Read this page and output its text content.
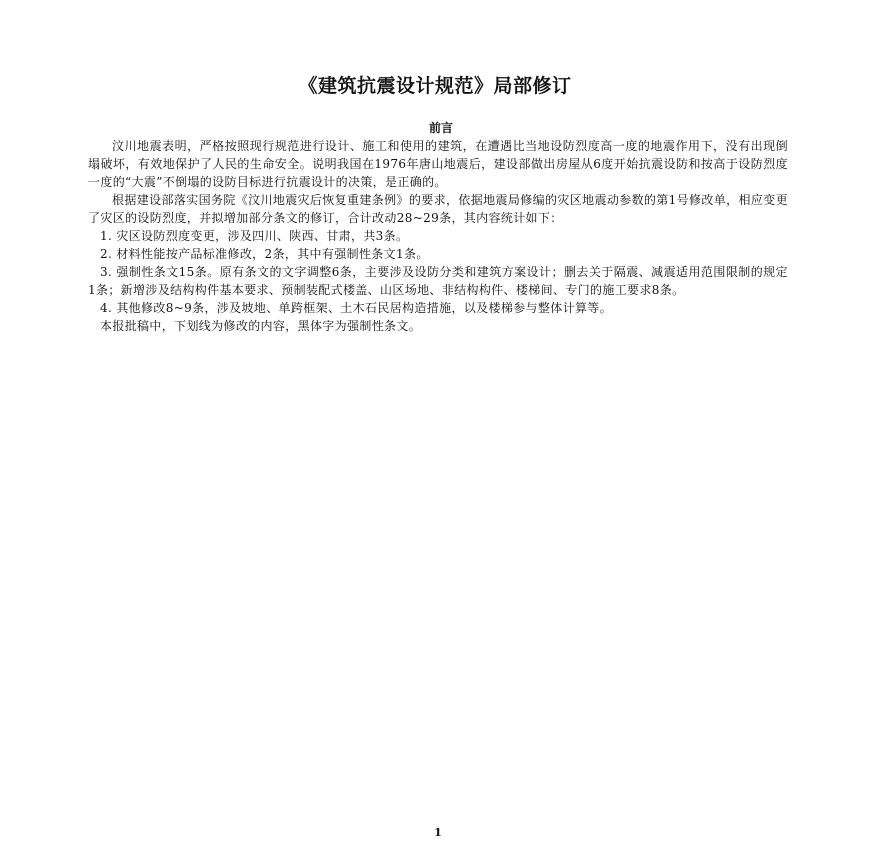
《建筑抗震设计规范》局部修订
前言

汶川地震表明，严格按照现行规范进行设计、施工和使用的建筑，在遭遇比当地设防烈度高一度的地震作用下，没有出现倒塌破坏，有效地保护了人民的生命安全。说明我国在1976年唐山地震后，建设部做出房屋从6度开始抗震设防和按高于设防烈度一度的“大震”不倒塌的设防目标进行抗震设计的决策，是正确的。

根据建设部落实国务院《汶川地震灾后恢复重建条例》的要求，依据地震局修编的灾区地震动参数的第1号修改单，相应变更了灾区的设防烈度，并拟增加部分条文的修订，合计改动28~29条，其内容统计如下：

1. 灾区设防烈度变更，涉及四川、陕西、甘肃，共3条。

2. 材料性能按产品标准修改，2条，其中有强制性条文1条。

3. 强制性条文15条。原有条文的文字调整6条，主要涉及设防分类和建筑方案设计；删去关于隔震、减震适用范围限制的规定1条；新增涉及结构构件基本要求、预制装配式楼盖、山区场地、非结构构件、楼梯间、专门的施工要求8条。

4. 其他修改8~9条，涉及坡地、单跨框架、土木石民居构造措施，以及楼梯参与整体计算等。

本报批稿中，下划线为修改的内容，黑体字为强制性条文。

1
